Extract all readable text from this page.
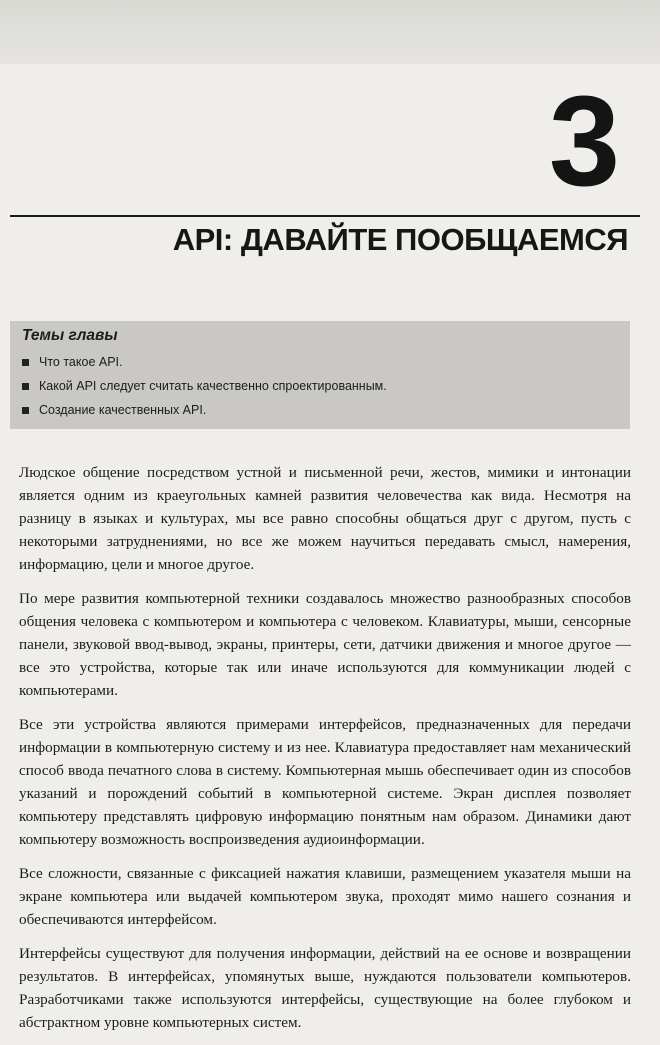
3
API: ДАВАЙТЕ ПООБЩАЕМСЯ
Темы главы
Что такое API.
Какой API следует считать качественно спроектированным.
Создание качественных API.

Людское общение посредством устной и письменной речи, жестов, мимики и интонации является одним из краеугольных камней развития человечества как вида. Несмотря на разницу в языках и культурах, мы все равно способны общаться друг с другом, пусть с некоторыми затруднениями, но все же можем научиться передавать смысл, намерения, информацию, цели и многое другое.

По мере развития компьютерной техники создавалось множество разнообразных способов общения человека с компьютером и компьютера с человеком. Клавиатуры, мыши, сенсорные панели, звуковой ввод-вывод, экраны, принтеры, сети, датчики движения и многое другое — все это устройства, которые так или иначе используются для коммуникации людей с компьютерами.

Все эти устройства являются примерами интерфейсов, предназначенных для передачи информации в компьютерную систему и из нее. Клавиатура предоставляет нам механический способ ввода печатного слова в систему. Компьютерная мышь обеспечивает один из способов указаний и порождений событий в компьютерной системе. Экран дисплея позволяет компьютеру представлять цифровую информацию понятным нам образом. Динамики дают компьютеру возможность воспроизведения аудиоинформации.

Все сложности, связанные с фиксацией нажатия клавиши, размещением указателя мыши на экране компьютера или выдачей компьютером звука, проходят мимо нашего сознания и обеспечиваются интерфейсом.

Интерфейсы существуют для получения информации, действий на ее основе и возвращении результатов. В интерфейсах, упомянутых выше, нуждаются пользователи компьютеров. Разработчиками также используются интерфейсы, существующие на более глубоком и абстрактном уровне компьютерных систем.
